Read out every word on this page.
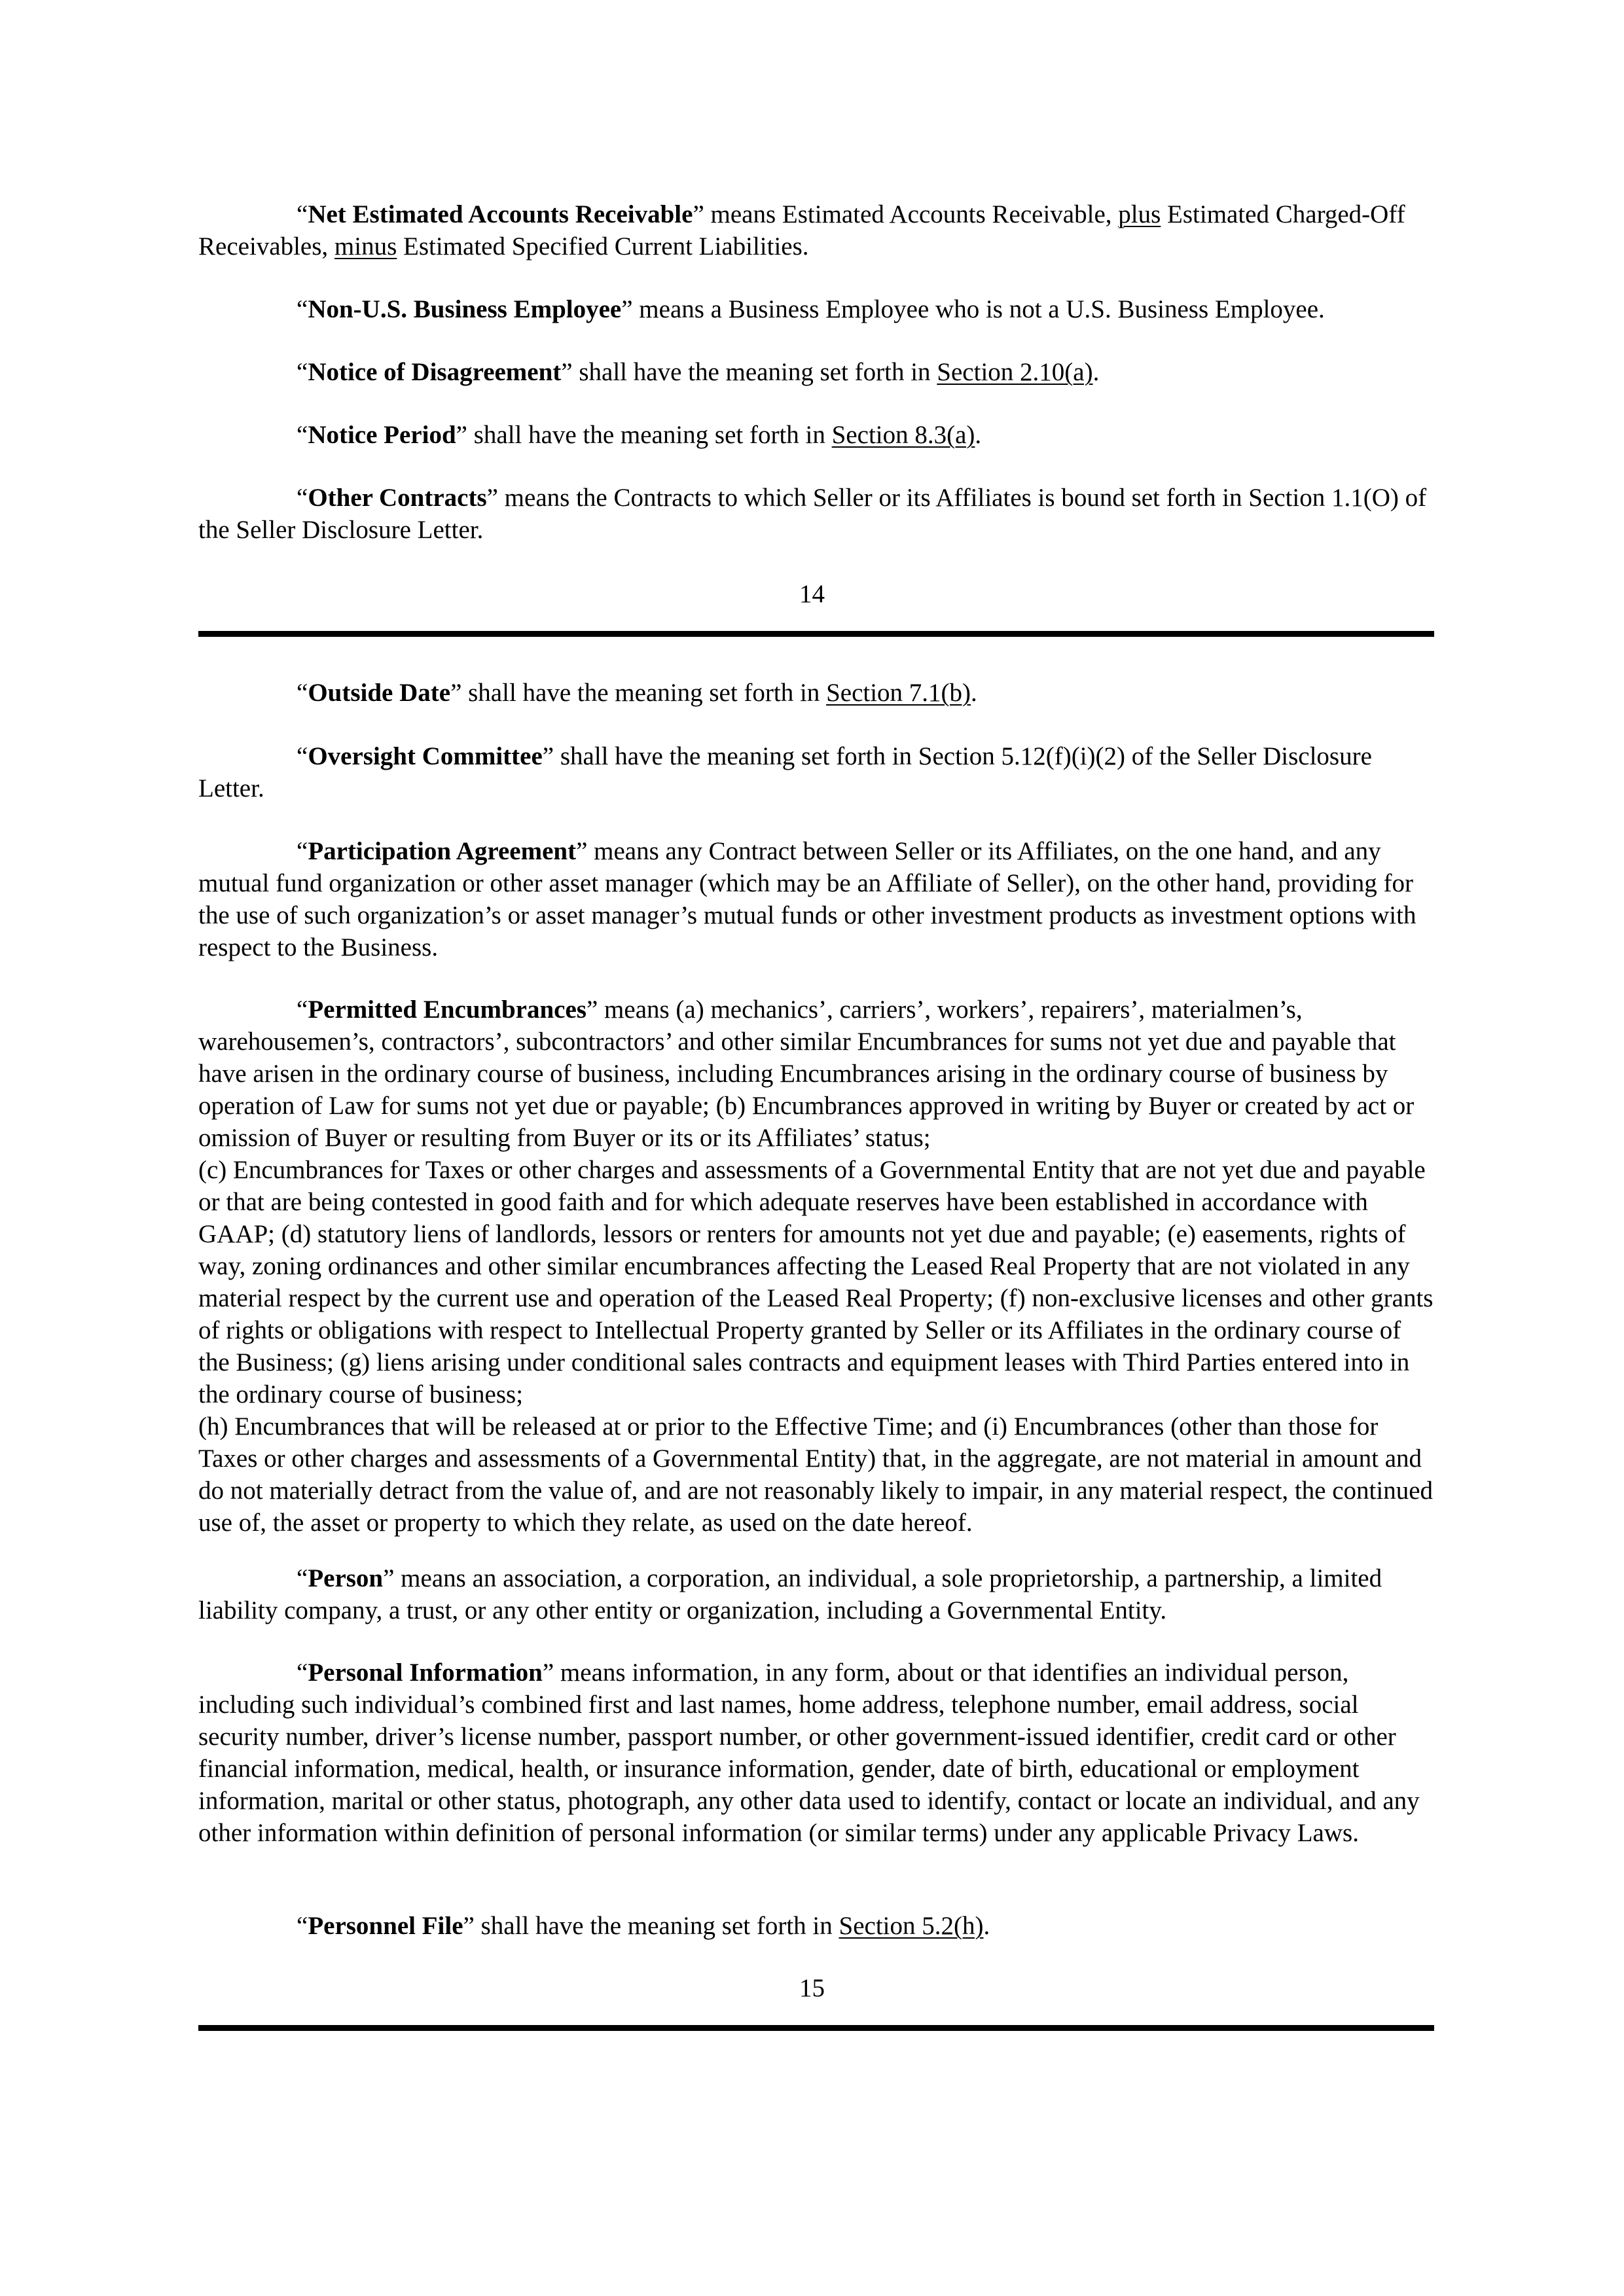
“Net Estimated Accounts Receivable” means Estimated Accounts Receivable, plus Estimated Charged-Off Receivables, minus Estimated Specified Current Liabilities.

“Non-U.S. Business Employee” means a Business Employee who is not a U.S. Business Employee.

“Notice of Disagreement” shall have the meaning set forth in Section 2.10(a).

“Notice Period” shall have the meaning set forth in Section 8.3(a).

“Other Contracts” means the Contracts to which Seller or its Affiliates is bound set forth in Section 1.1(O) of the Seller Disclosure Letter.

14

“Outside Date” shall have the meaning set forth in Section 7.1(b).

“Oversight Committee” shall have the meaning set forth in Section 5.12(f)(i)(2) of the Seller Disclosure Letter.

“Participation Agreement” means any Contract between Seller or its Affiliates, on the one hand, and any mutual fund organization or other asset manager (which may be an Affiliate of Seller), on the other hand, providing for the use of such organization’s or asset manager’s mutual funds or other investment products as investment options with respect to the Business.

“Permitted Encumbrances” means (a) mechanics’, carriers’, workers’, repairers’, materialmen’s, warehousemen’s, contractors’, subcontractors’ and other similar Encumbrances for sums not yet due and payable that have arisen in the ordinary course of business, including Encumbrances arising in the ordinary course of business by operation of Law for sums not yet due or payable; (b) Encumbrances approved in writing by Buyer or created by act or omission of Buyer or resulting from Buyer or its or its Affiliates’ status;
(c) Encumbrances for Taxes or other charges and assessments of a Governmental Entity that are not yet due and payable or that are being contested in good faith and for which adequate reserves have been established in accordance with GAAP; (d) statutory liens of landlords, lessors or renters for amounts not yet due and payable; (e) easements, rights of way, zoning ordinances and other similar encumbrances affecting the Leased Real Property that are not violated in any material respect by the current use and operation of the Leased Real Property; (f) non-exclusive licenses and other grants of rights or obligations with respect to Intellectual Property granted by Seller or its Affiliates in the ordinary course of the Business; (g) liens arising under conditional sales contracts and equipment leases with Third Parties entered into in the ordinary course of business;
(h) Encumbrances that will be released at or prior to the Effective Time; and (i) Encumbrances (other than those for Taxes or other charges and assessments of a Governmental Entity) that, in the aggregate, are not material in amount and do not materially detract from the value of, and are not reasonably likely to impair, in any material respect, the continued use of, the asset or property to which they relate, as used on the date hereof.

“Person” means an association, a corporation, an individual, a sole proprietorship, a partnership, a limited liability company, a trust, or any other entity or organization, including a Governmental Entity.

“Personal Information” means information, in any form, about or that identifies an individual person, including such individual’s combined first and last names, home address, telephone number, email address, social security number, driver’s license number, passport number, or other government-issued identifier, credit card or other financial information, medical, health, or insurance information, gender, date of birth, educational or employment information, marital or other status, photograph, any other data used to identify, contact or locate an individual, and any other information within definition of personal information (or similar terms) under any applicable Privacy Laws.

“Personnel File” shall have the meaning set forth in Section 5.2(h).

15
